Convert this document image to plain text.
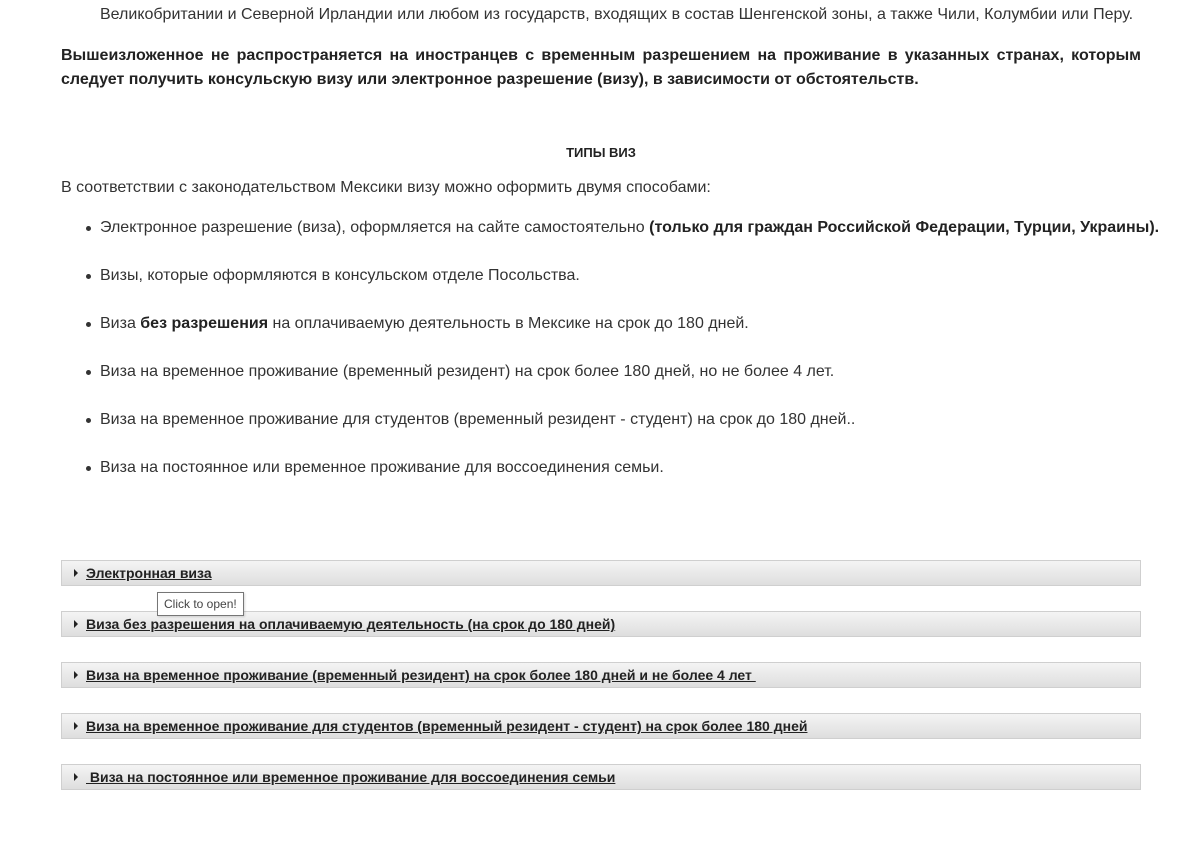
Великобритании и Северной Ирландии или любом из государств, входящих в состав Шенгенской зоны, а также Чили, Колумбии или Перу.
Вышеизложенное не распространяется на иностранцев с временным разрешением на проживание в указанных странах, которым следует получить консульскую визу или электронное разрешение (визу), в зависимости от обстоятельств.
ТИПЫ ВИЗ
В соответствии с законодательством Мексики визу можно оформить двумя способами:
Электронное разрешение (виза), оформляется на сайте самостоятельно (только для граждан Российской Федерации, Турции, Украины).
Визы, которые оформляются в консульском отделе Посольства.
Виза без разрешения на оплачиваемую деятельность в Мексике на срок до 180 дней.
Виза на временное проживание (временный резидент) на срок более 180 дней, но не более 4 лет.
Виза на временное проживание для студентов (временный резидент - студент) на срок до 180 дней..
Виза на постоянное или временное проживание для воссоединения семьи.
Электронная виза
Виза без разрешения на оплачиваемую деятельность (на срок до 180 дней)
Виза на временное проживание (временный резидент) на срок более 180 дней и не более 4 лет
Виза на временное проживание для студентов (временный резидент - студент) на срок более 180 дней
Виза на постоянное или временное проживание для воссоединения семьи
Click to open!
